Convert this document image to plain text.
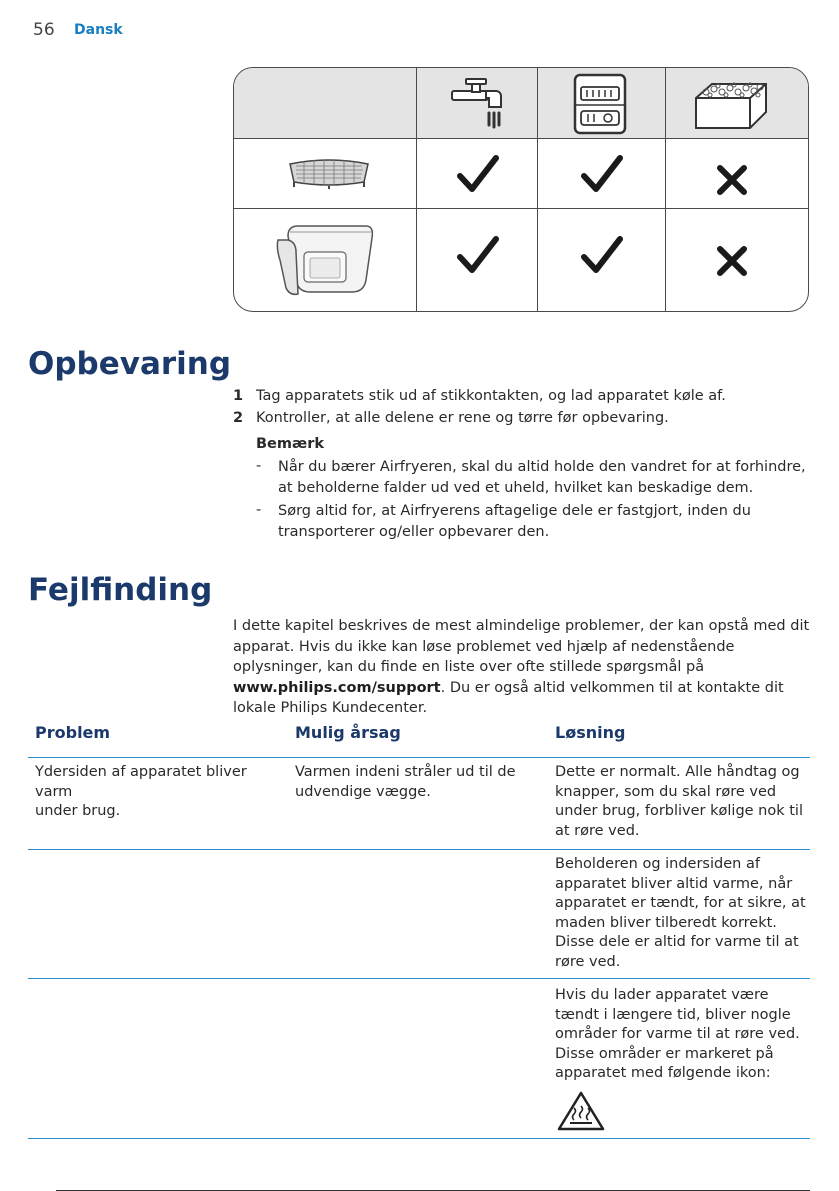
56 Dansk
Opbevaring
1 Tag apparatets stik ud af stikkontakten, og lad apparatet køle af.
2 Kontroller, at alle delene er rene og tørre før opbevaring.
Bemærk
- Når du bærer Airfryeren, skal du altid holde den vandret for at forhindre,
at beholderne falder ud ved et uheld, hvilket kan beskadige dem.
- Sørg altid for, at Airfryerens aftagelige dele er fastgjort, inden du
transporterer og/eller opbevarer den.
Fejlfinding
I dette kapitel beskrives de mest almindelige problemer, der kan opstå med dit
apparat. Hvis du ikke kan løse problemet ved hjælp af nedenstående
oplysninger, kan du finde en liste over ofte stillede spørgsmål på
www.philips.com/support. Du er også altid velkommen til at kontakte dit
lokale Philips Kundecenter.
Problem	Mulig årsag	Løsning
Ydersiden af apparatet bliver varm
under brug.
Varmen indeni stråler ud til de
udvendige vægge.
Dette er normalt. Alle håndtag og
knapper, som du skal røre ved
under brug, forbliver kølige nok til
at røre ved.
Beholderen og indersiden af
apparatet bliver altid varme, når
apparatet er tændt, for at sikre, at
maden bliver tilberedt korrekt.
Disse dele er altid for varme til at
røre ved.
Hvis du lader apparatet være
tændt i længere tid, bliver nogle
områder for varme til at røre ved.
Disse områder er markeret på
apparatet med følgende ikon:
